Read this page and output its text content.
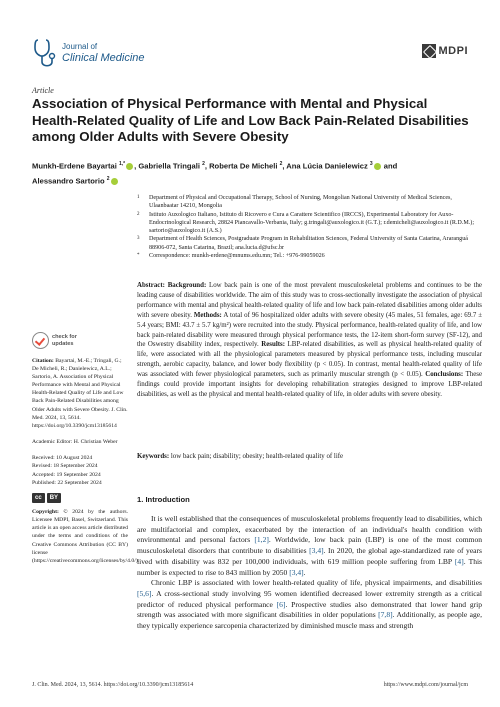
Journal of
Clinical Medicine
MDPI
Article
Association of Physical Performance with Mental and Physical Health-Related Quality of Life and Low Back Pain-Related Disabilities among Older Adults with Severe Obesity
Munkh-Erdene Bayartai $^{1,*}$ , Gabriella Tringali $^2$, Roberta De Micheli $^2$, Ana Lúcia Danielewicz $^3$ and
Alessandro Sartorio $^2$
1 Department of Physical and Occupational Therapy, School of Nursing, Mongolian National University of Medical Sciences, Ulaanbaatar 14210, Mongolia
2 Istituto Auxologico Italiano, Istituto di Ricovero e Cura a Carattere Scientifico (IRCCS), Experimental Laboratory for Auxo-Endocrinological Research, 28824 Piancavallo-Verbania, Italy; g.tringali@auxologico.it (G.T.); r.demicheli@auxologico.it (R.D.M.); sartorio@auxologico.it (A.S.)
3 Department of Health Sciences, Postgraduate Program in Rehabilitation Sciences, Federal University of Santa Catarina, Araranguá 88906-072, Santa Catarina, Brazil; ana.lucia.d@ufsc.br
* Correspondence: munkh-erdene@mnums.edu.mn; Tel.: +976-99059026
Abstract: Background: Low back pain is one of the most prevalent musculoskeletal problems and continues to be the leading cause of disabilities worldwide. The aim of this study was to cross-sectionally investigate the association of physical performance with mental and physical health-related quality of life and low back pain-related disabilities among older adults with severe obesity. Methods: A total of 96 hospitalized older adults with severe obesity (45 males, 51 females, age: 69.7 ± 5.4 years; BMI: 43.7 ± 5.7 kg/m²) were recruited into the study. Physical performance, health-related quality of life, and low back pain-related disability were measured through physical performance tests, the 12-item short-form survey (SF-12), and the Oswestry disability index, respectively. Results: LBP-related disabilities, as well as physical health-related quality of life, were associated with all the physiological parameters measured by physical performance tests, including muscular strength, aerobic capacity, balance, and lower body flexibility (p < 0.05). In contrast, mental health-related quality of life was associated with fewer physiological parameters, such as primarily muscular strength (p < 0.05). Conclusions: These findings could provide important insights for developing rehabilitation strategies designed to improve LBP-related disabilities, as well as the physical and mental health-related quality of life, in older adults with severe obesity.
Keywords: low back pain; disability; obesity; health-related quality of life
check for
updates
Citation: Bayartai, M.-E.; Tringali, G.; De Micheli, R.; Danielewicz, A.L.; Sartorio, A. Association of Physical Performance with Mental and Physical Health-Related Quality of Life and Low Back Pain-Related Disabilities among Older Adults with Severe Obesity. J. Clin. Med. 2024, 13, 5614. https://doi.org/10.3390/jcm13185614
Academic Editor: H. Christian Weber
Received: 10 August 2024
Revised: 18 September 2024
Accepted: 19 September 2024
Published: 22 September 2024
cc	BY
Copyright: © 2024 by the authors. Licensee MDPI, Basel, Switzerland. This article is an open access article distributed under the terms and conditions of the Creative Commons Attribution (CC BY) license (https://creativecommons.org/licenses/by/4.0/).
1. Introduction

It is well established that the consequences of musculoskeletal problems frequently lead to disabilities, which are multifactorial and complex, exacerbated by the interaction of an individual's health condition with environmental and personal factors [1,2]. Worldwide, low back pain (LBP) is one of the most common musculoskeletal disorders that contribute to disabilities [3,4]. In 2020, the global age-standardized rate of years lived with disability was 832 per 100,000 individuals, with 619 million people suffering from LBP [4]. This number is expected to rise to 843 million by 2050 [3,4].

Chronic LBP is associated with lower health-related quality of life, physical impairments, and disabilities [5,6]. A cross-sectional study involving 95 women identified decreased lower extremity strength as a critical predictor of reduced physical performance [6]. Prospective studies also demonstrated that lower hand grip strength was associated with more significant disabilities in older populations [7,8]. Additionally, as people age, they typically experience sarcopenia characterized by diminished muscle mass and strength

J. Clin. Med. 2024, 13, 5614. https://doi.org/10.3390/jcm13185614	https://www.mdpi.com/journal/jcm
